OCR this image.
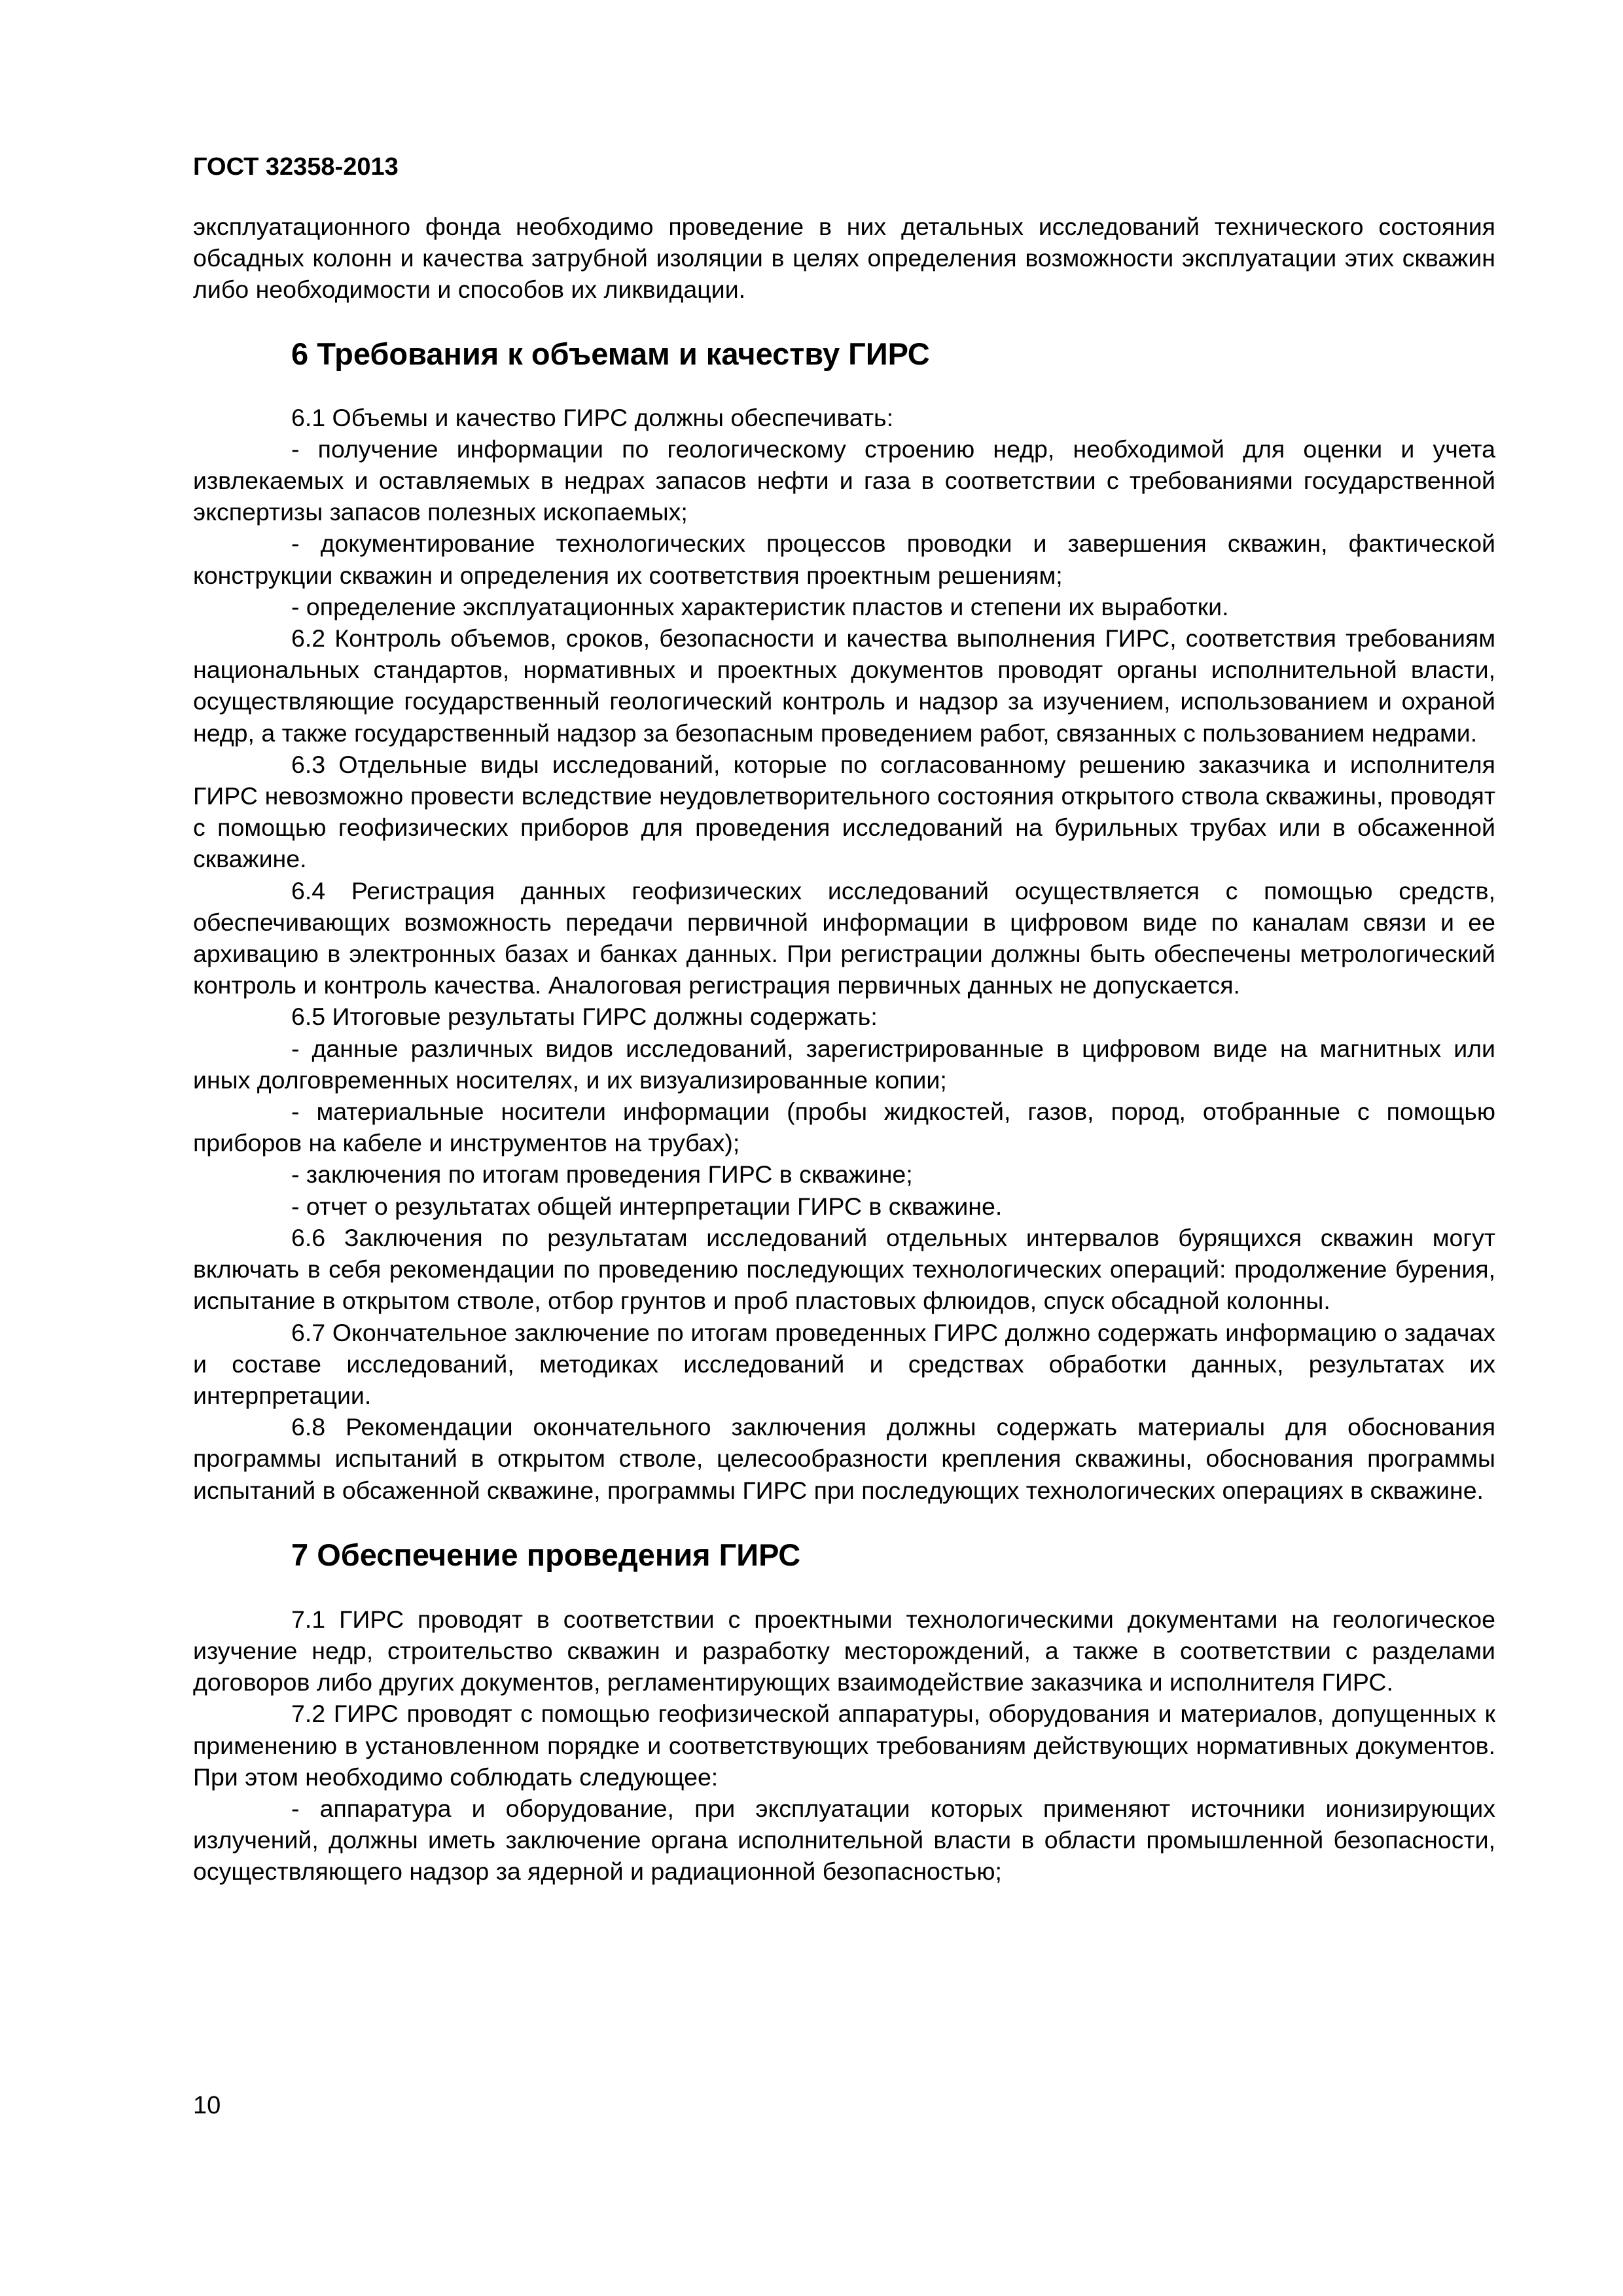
ГОСТ 32358-2013

эксплуатационного фонда необходимо проведение в них детальных исследований технического состояния обсадных колонн и качества затрубной изоляции в целях определения возможности эксплуатации этих скважин либо необходимости и способов их ликвидации.

6 Требования к объемам и качеству ГИРС

6.1 Объемы и качество ГИРС должны обеспечивать:

- получение информации по геологическому строению недр, необходимой для оценки и учета извлекаемых и оставляемых в недрах запасов нефти и газа в соответствии с требованиями государственной экспертизы запасов полезных ископаемых;

- документирование технологических процессов проводки и завершения скважин, фактической конструкции скважин и определения их соответствия проектным решениям;

- определение эксплуатационных характеристик пластов и степени их выработки.

6.2 Контроль объемов, сроков, безопасности и качества выполнения ГИРС, соответствия требованиям национальных стандартов, нормативных и проектных документов проводят органы исполнительной власти, осуществляющие государственный геологический контроль и надзор за изучением, использованием и охраной недр, а также государственный надзор за безопасным проведением работ, связанных с пользованием недрами.

6.3 Отдельные виды исследований, которые по согласованному решению заказчика и исполнителя ГИРС невозможно провести вследствие неудовлетворительного состояния открытого ствола скважины, проводят с помощью геофизических приборов для проведения исследований на бурильных трубах или в обсаженной скважине.

6.4 Регистрация данных геофизических исследований осуществляется с помощью средств, обеспечивающих возможность передачи первичной информации в цифровом виде по каналам связи и ее архивацию в электронных базах и банках данных. При регистрации должны быть обеспечены метрологический контроль и контроль качества. Аналоговая регистрация первичных данных не допускается.

6.5 Итоговые результаты ГИРС должны содержать:

- данные различных видов исследований, зарегистрированные в цифровом виде на магнитных или иных долговременных носителях, и их визуализированные копии;

- материальные носители информации (пробы жидкостей, газов, пород, отобранные с помощью приборов на кабеле и инструментов на трубах);

- заключения по итогам проведения ГИРС в скважине;

- отчет о результатах общей интерпретации ГИРС в скважине.

6.6 Заключения по результатам исследований отдельных интервалов бурящихся скважин могут включать в себя рекомендации по проведению последующих технологических операций: продолжение бурения, испытание в открытом стволе, отбор грунтов и проб пластовых флюидов, спуск обсадной колонны.

6.7 Окончательное заключение по итогам проведенных ГИРС должно содержать информацию о задачах и составе исследований, методиках исследований и средствах обработки данных, результатах их интерпретации.

6.8 Рекомендации окончательного заключения должны содержать материалы для обоснования программы испытаний в открытом стволе, целесообразности крепления скважины, обоснования программы испытаний в обсаженной скважине, программы ГИРС при последующих технологических операциях в скважине.

7 Обеспечение проведения ГИРС

7.1 ГИРС проводят в соответствии с проектными технологическими документами на геологическое изучение недр, строительство скважин и разработку месторождений, а также в соответствии с разделами договоров либо других документов, регламентирующих взаимодействие заказчика и исполнителя ГИРС.

7.2 ГИРС проводят с помощью геофизической аппаратуры, оборудования и материалов, допущенных к применению в установленном порядке и соответствующих требованиям действующих нормативных документов. При этом необходимо соблюдать следующее:

- аппаратура и оборудование, при эксплуатации которых применяют источники ионизирующих излучений, должны иметь заключение органа исполнительной власти в области промышленной безопасности, осуществляющего надзор за ядерной и радиационной безопасностью;

10
